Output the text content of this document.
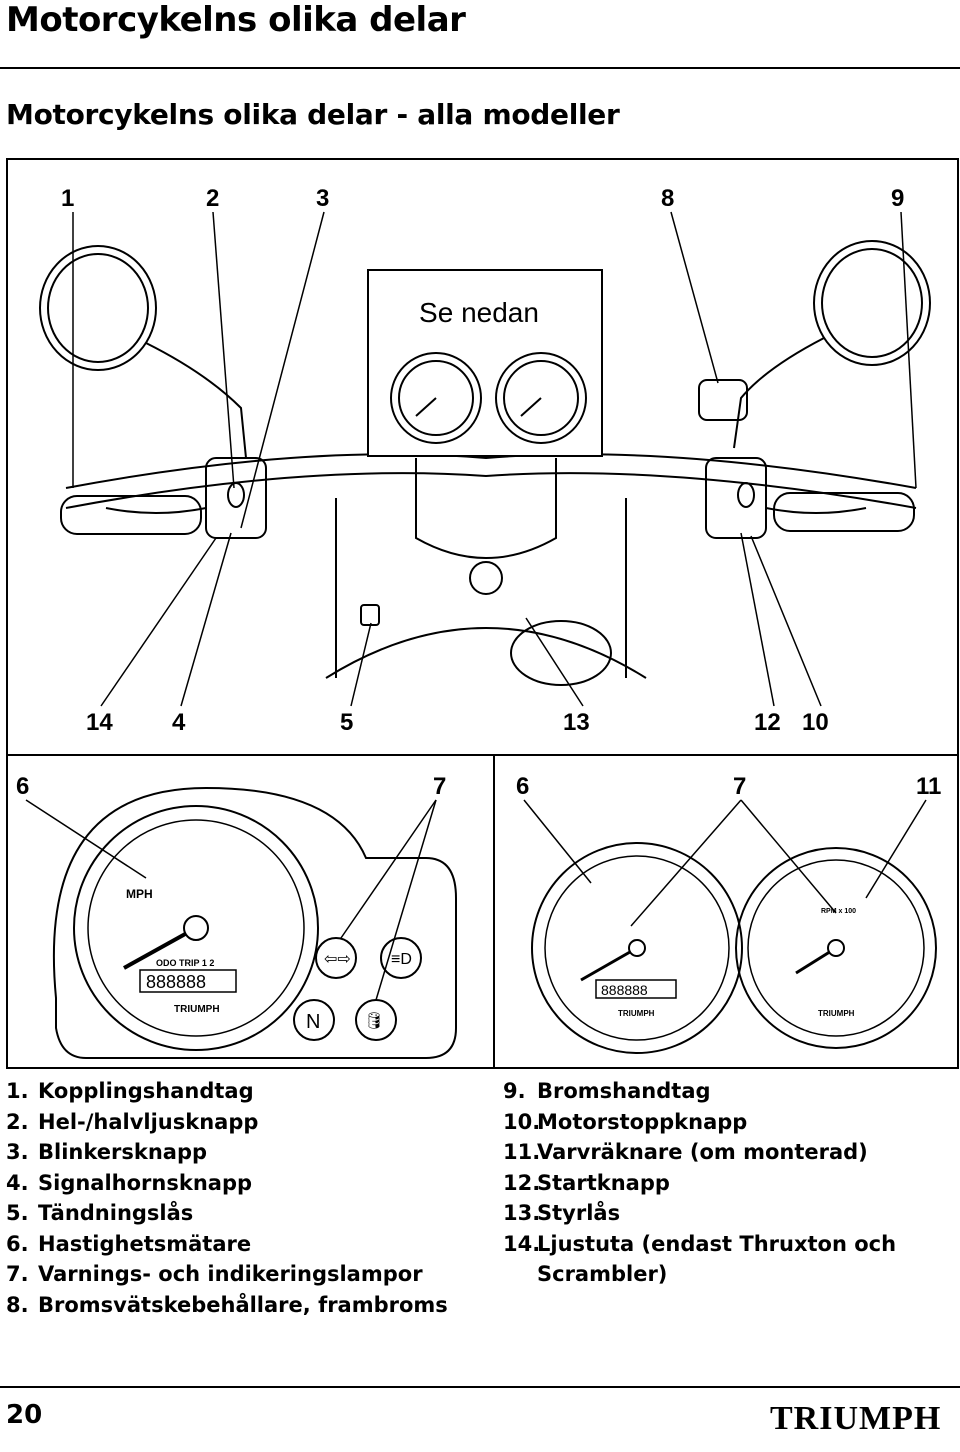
Motorcykelns olika delar
Motorcykelns olika delar - alla modeller
Se nedan
1	2	3	8	9
14 4	5	13	12 10
6	7
MPH
ODO TRIP 1 2
888888
TRIUMPH
⇦⇨	≡D
N	🛢
6	7	11
888888
TRIUMPH
RPM x 100
TRIUMPH
1. Kopplingshandtag
2. Hel-/halvljusknapp
3. Blinkersknapp
4. Signalhornsknapp
5. Tändningslås
6. Hastighetsmätare
7. Varnings- och indikeringslampor
8. Bromsvätskebehållare, frambroms
9. Bromshandtag
10.
Motorstoppknapp
11.
Varvräknare (om monterad)
12.
Startknapp
13.
Styrlås
14.
Ljustuta (endast Thruxton och
Scrambler)
20	TRIUMPH
